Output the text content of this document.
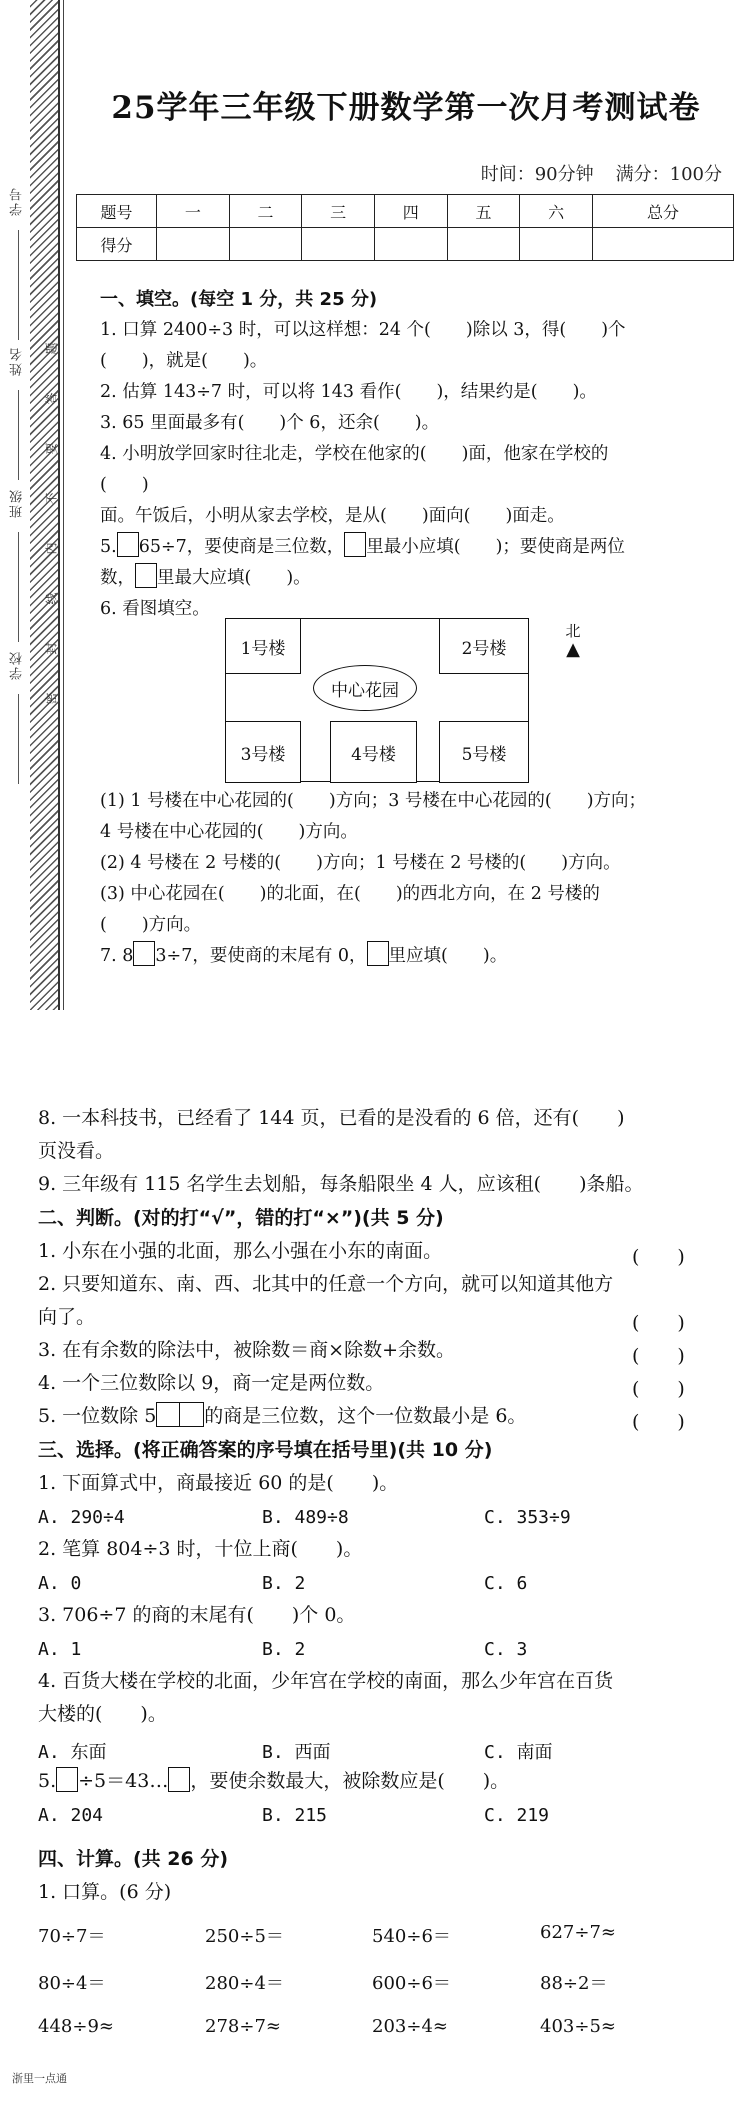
学号
姓名
班级
学校
题
答
要
不
内
线
封
密
25学年三年级下册数学第一次月考测试卷
时间：90分钟 满分：100分
题号	一	二	三	四	五	六	总分
得分							

一、填空。(每空 1 分，共 25 分)

1. 口算 2400÷3 时，可以这样想：24 个(　　)除以 3，得(　　)个

(　　)，就是(　　)。

2. 估算 143÷7 时，可以将 143 看作(　　)，结果约是(　　)。

3. 65 里面最多有(　　)个 6，还余(　　)。

4. 小明放学回家时往北走，学校在他家的(　　)面，他家在学校的

(　　)

面。午饭后，小明从家去学校，是从(　　)面向(　　)面走。

5. 65÷7，要使商是三位数， 里最小应填(　　)；要使商是两位

数， 里最大应填(　　)。

6. 看图填空。

1号楼	2号楼
3号楼	4号楼	5号楼
中心花园
北
▲

(1) 1 号楼在中心花园的(　　)方向；3 号楼在中心花园的(　　)方向；

4 号楼在中心花园的(　　)方向。

(2) 4 号楼在 2 号楼的(　　)方向；1 号楼在 2 号楼的(　　)方向。

(3) 中心花园在(　　)的北面，在(　　)的西北方向，在 2 号楼的

(　　)方向。

7. 8 3÷7，要使商的末尾有 0， 里应填(　　)。

8. 一本科技书，已经看了 144 页，已看的是没看的 6 倍，还有(　　)
页没看。
9. 三年级有 115 名学生去划船，每条船限坐 4 人，应该租(　　)条船。
二、判断。(对的打“√”，错的打“×”)(共 5 分)
1. 小东在小强的北面，那么小强在小东的南面。	(　　)
2. 只要知道东、南、西、北其中的任意一个方向，就可以知道其他方
向了。	(　　)
3. 在有余数的除法中，被除数＝商×除数+余数。	(　　)
4. 一个三位数除以 9，商一定是两位数。	(　　)
5. 一位数除 5	的商是三位数，这个一位数最小是 6。	(　　)
三、选择。(将正确答案的序号填在括号里)(共 10 分)
1. 下面算式中，商最接近 60 的是(　　)。
A. 290÷4	B. 489÷8	C. 353÷9
2. 笔算 804÷3 时，十位上商(　　)。
A. 0	B. 2	C. 6
3. 706÷7 的商的末尾有(　　)个 0。
A. 1	B. 2	C. 3
4. 百货大楼在学校的北面，少年宫在学校的南面，那么少年宫在百货
大楼的(　　)。
A. 东面	B. 西面	C. 南面
5. ÷5＝43… ，要使余数最大，被除数应是(　　)。
A. 204	B. 215	C. 219
四、计算。(共 26 分)
1. 口算。(6 分)
70÷7＝	250÷5＝	540÷6＝	627÷7≈
80÷4＝	280÷4＝	600÷6＝	88÷2＝
448÷9≈	278÷7≈	203÷4≈	403÷5≈
浙里一点通
